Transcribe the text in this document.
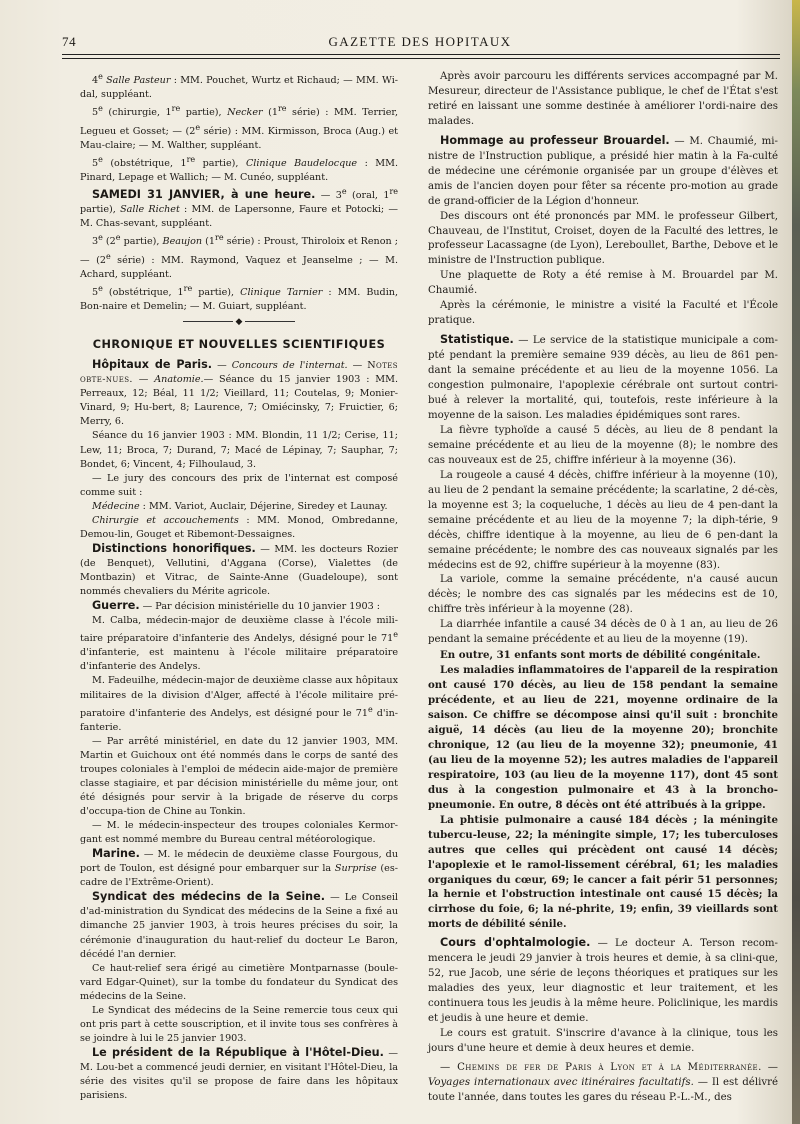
74	GAZETTE DES HOPITAUX

4e Salle Pasteur : MM. Pouchet, Wurtz et Richaud; — MM. Wi-dal, suppléant.

5e (chirurgie, 1re partie), Necker (1re série) : MM. Terrier, Legueu et Gosset; — (2e série) : MM. Kirmisson, Broca (Aug.) et Mau-claire; — M. Walther, suppléant.

5e (obstétrique, 1re partie), Clinique Baudelocque : MM. Pinard, Lepage et Wallich; — M. Cunéo, suppléant.

SAMEDI 31 JANVIER, à une heure. — 3e (oral, 1re partie), Salle Richet : MM. de Lapersonne, Faure et Potocki; — M. Chas-sevant, suppléant.

3e (2e partie), Beaujon (1re série) : Proust, Thiroloix et Renon ; — (2e série) : MM. Raymond, Vaquez et Jeanselme ; — M. Achard, suppléant.

5e (obstétrique, 1re partie), Clinique Tarnier : MM. Budin, Bon-naire et Demelin; — M. Guiart, suppléant.

◆
CHRONIQUE ET NOUVELLES SCIENTIFIQUES

Hôpitaux de Paris. — Concours de l'internat. — Notes obte-nues. — Anatomie.— Séance du 15 janvier 1903 : MM. Perreaux, 12; Béal, 11 1/2; Vieillard, 11; Coutelas, 9; Monier-Vinard, 9; Hu-bert, 8; Laurence, 7; Omiécinsky, 7; Fruictier, 6; Merry, 6.

Séance du 16 janvier 1903 : MM. Blondin, 11 1/2; Cerise, 11; Lew, 11; Broca, 7; Durand, 7; Macé de Lépinay, 7; Sauphar, 7; Bondet, 6; Vincent, 4; Filhoulaud, 3.

— Le jury des concours des prix de l'internat est composé comme suit :

Médecine : MM. Variot, Auclair, Déjerine, Siredey et Launay.

Chirurgie et accouchements : MM. Monod, Ombredanne, Demou-lin, Gouget et Ribemont-Dessaignes.

Distinctions honorifiques. — MM. les docteurs Rozier (de Benquet), Vellutini, d'Aggana (Corse), Vialettes (de Montbazin) et Vitrac, de Sainte-Anne (Guadeloupe), sont nommés chevaliers du Mérite agricole.

Guerre. — Par décision ministérielle du 10 janvier 1903 :

M. Calba, médecin-major de deuxième classe à l'école mili-taire préparatoire d'infanterie des Andelys, désigné pour le 71e d'infanterie, est maintenu à l'école militaire préparatoire d'infanterie des Andelys.

M. Fadeuilhe, médecin-major de deuxième classe aux hôpitaux militaires de la division d'Alger, affecté à l'école militaire pré-paratoire d'infanterie des Andelys, est désigné pour le 71e d'in-fanterie.

— Par arrêté ministériel, en date du 12 janvier 1903, MM. Martin et Guichoux ont été nommés dans le corps de santé des troupes coloniales à l'emploi de médecin aide-major de première classe stagiaire, et par décision ministérielle du même jour, ont été désignés pour servir à la brigade de réserve du corps d'occupa-tion de Chine au Tonkin.

— M. le médecin-inspecteur des troupes coloniales Kermor-gant est nommé membre du Bureau central météorologique.

Marine. — M. le médecin de deuxième classe Fourgous, du port de Toulon, est désigné pour embarquer sur la Surprise (es-cadre de l'Extrême-Orient).

Syndicat des médecins de la Seine. — Le Conseil d'ad-ministration du Syndicat des médecins de la Seine a fixé au dimanche 25 janvier 1903, à trois heures précises du soir, la cérémonie d'inauguration du haut-relief du docteur Le Baron, décédé l'an dernier.

Ce haut-relief sera érigé au cimetière Montparnasse (boule-vard Edgar-Quinet), sur la tombe du fondateur du Syndicat des médecins de la Seine.

Le Syndicat des médecins de la Seine remercie tous ceux qui ont pris part à cette souscription, et il invite tous ses confrères à se joindre à lui le 25 janvier 1903.

Le président de la République à l'Hôtel-Dieu. — M. Lou-bet a commencé jeudi dernier, en visitant l'Hôtel-Dieu, la série des visites qu'il se propose de faire dans les hôpitaux parisiens.

Après avoir parcouru les différents services accompagné par M. Mesureur, directeur de l'Assistance publique, le chef de l'État s'est retiré en laissant une somme destinée à améliorer l'ordi-naire des malades.

Hommage au professeur Brouardel. — M. Chaumié, mi-nistre de l'Instruction publique, a présidé hier matin à la Fa-culté de médecine une cérémonie organisée par un groupe d'élèves et amis de l'ancien doyen pour fêter sa récente pro-motion au grade de grand-officier de la Légion d'honneur.

Des discours ont été prononcés par MM. le professeur Gilbert, Chauveau, de l'Institut, Croiset, doyen de la Faculté des lettres, le professeur Lacassagne (de Lyon), Lereboullet, Barthe, Debove et le ministre de l'Instruction publique.

Une plaquette de Roty a été remise à M. Brouardel par M. Chaumié.

Après la cérémonie, le ministre a visité la Faculté et l'École pratique.

Statistique. — Le service de la statistique municipale a com-pté pendant la première semaine 939 décès, au lieu de 861 pen-dant la semaine précédente et au lieu de la moyenne 1056. La congestion pulmonaire, l'apoplexie cérébrale ont surtout contri-bué à relever la mortalité, qui, toutefois, reste inférieure à la moyenne de la saison. Les maladies épidémiques sont rares.

La fièvre typhoïde a causé 5 décès, au lieu de 8 pendant la semaine précédente et au lieu de la moyenne (8); le nombre des cas nouveaux est de 25, chiffre inférieur à la moyenne (36).

La rougeole a causé 4 décès, chiffre inférieur à la moyenne (10), au lieu de 2 pendant la semaine précédente; la scarlatine, 2 dé-cès, la moyenne est 3; la coqueluche, 1 décès au lieu de 4 pen-dant la semaine précédente et au lieu de la moyenne 7; la diph-térie, 9 décès, chiffre identique à la moyenne, au lieu de 6 pen-dant la semaine précédente; le nombre des cas nouveaux signalés par les médecins est de 92, chiffre supérieur à la moyenne (83).

La variole, comme la semaine précédente, n'a causé aucun décès; le nombre des cas signalés par les médecins est de 10, chiffre très inférieur à la moyenne (28).

La diarrhée infantile a causé 34 décès de 0 à 1 an, au lieu de 26 pendant la semaine précédente et au lieu de la moyenne (19).

En outre, 31 enfants sont morts de débilité congénitale.

Les maladies inflammatoires de l'appareil de la respiration ont causé 170 décès, au lieu de 158 pendant la semaine précédente, et au lieu de 221, moyenne ordinaire de la saison. Ce chiffre se décompose ainsi qu'il suit : bronchite aiguë, 14 décès (au lieu de la moyenne 20); bronchite chronique, 12 (au lieu de la moyenne 32); pneumonie, 41 (au lieu de la moyenne 52); les autres maladies de l'appareil respiratoire, 103 (au lieu de la moyenne 117), dont 45 sont dus à la congestion pulmonaire et 43 à la broncho-pneumonie. En outre, 8 décès ont été attribués à la grippe.

La phtisie pulmonaire a causé 184 décès ; la méningite tubercu-leuse, 22; la méningite simple, 17; les tuberculoses autres que celles qui précèdent ont causé 14 décès; l'apoplexie et le ramol-lissement cérébral, 61; les maladies organiques du cœur, 69; le cancer a fait périr 51 personnes; la hernie et l'obstruction intestinale ont causé 15 décès; la cirrhose du foie, 6; la né-phrite, 19; enfin, 39 vieillards sont morts de débilité sénile.

Cours d'ophtalmologie. — Le docteur A. Terson recom-mencera le jeudi 29 janvier à trois heures et demie, à sa clini-que, 52, rue Jacob, une série de leçons théoriques et pratiques sur les maladies des yeux, leur diagnostic et leur traitement, et les continuera tous les jeudis à la même heure. Policlinique, les mardis et jeudis à une heure et demie.

Le cours est gratuit. S'inscrire d'avance à la clinique, tous les jours d'une heure et demie à deux heures et demie.

— Chemins de fer de Paris à Lyon et à la Méditerranée. — Voyages internationaux avec itinéraires facultatifs. — Il est délivré toute l'année, dans toutes les gares du réseau P.-L.-M., des
